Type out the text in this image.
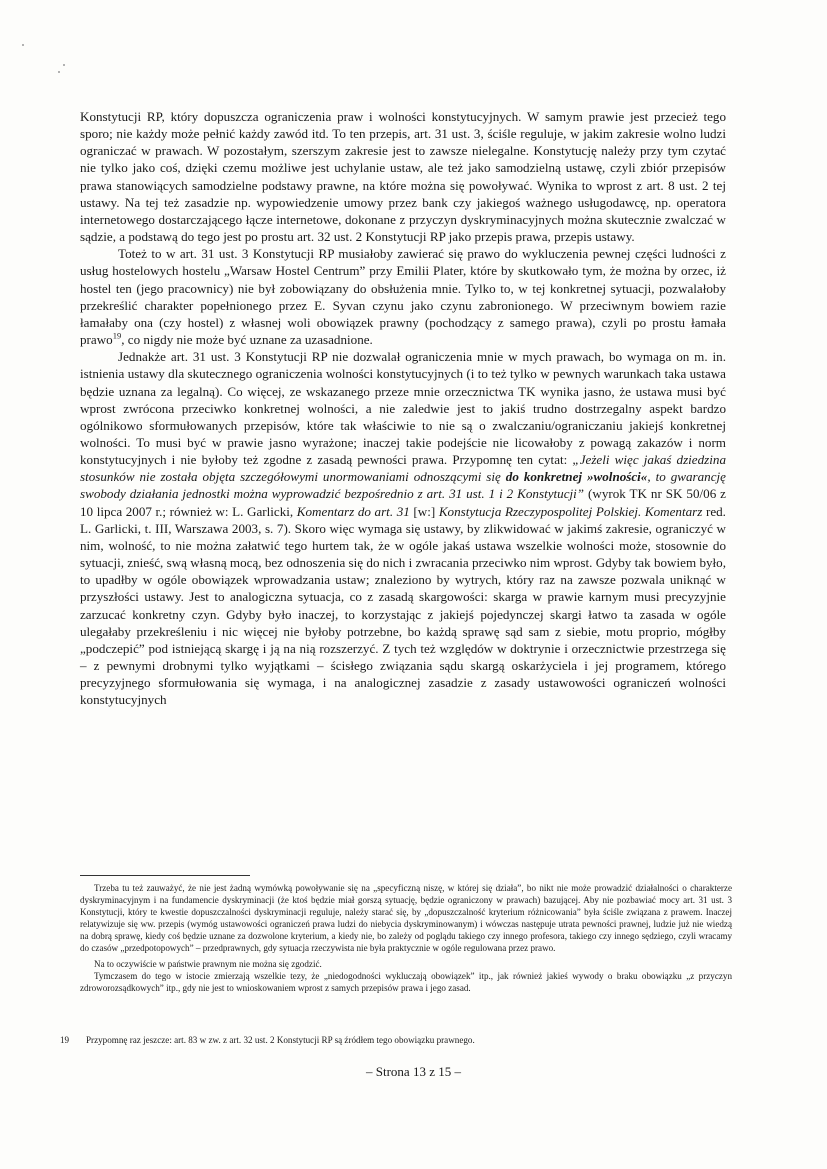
Konstytucji RP, który dopuszcza ograniczenia praw i wolności konstytucyjnych. W samym prawie jest przecież tego sporo; nie każdy może pełnić każdy zawód itd. To ten przepis, art. 31 ust. 3, ściśle reguluje, w jakim zakresie wolno ludzi ograniczać w prawach. W pozostałym, szerszym zakresie jest to zawsze nielegalne. Konstytucję należy przy tym czytać nie tylko jako coś, dzięki czemu możliwe jest uchylanie ustaw, ale też jako samodzielną ustawę, czyli zbiór przepisów prawa stanowiących samodzielne podstawy prawne, na które można się powoływać. Wynika to wprost z art. 8 ust. 2 tej ustawy. Na tej też zasadzie np. wypowiedzenie umowy przez bank czy jakiegoś ważnego usługodawcę, np. operatora internetowego dostarczającego łącze internetowe, dokonane z przyczyn dyskryminacyjnych można skutecznie zwalczać w sądzie, a podstawą do tego jest po prostu art. 32 ust. 2 Konstytucji RP jako przepis prawa, przepis ustawy.

Toteż to w art. 31 ust. 3 Konstytucji RP musiałoby zawierać się prawo do wykluczenia pewnej części ludności z usług hostelowych hostelu „Warsaw Hostel Centrum” przy Emilii Plater, które by skutkowało tym, że można by orzec, iż hostel ten (jego pracownicy) nie był zobowiązany do obsłużenia mnie. Tylko to, w tej konkretnej sytuacji, pozwalałoby przekreślić charakter popełnionego przez E. Syvan czynu jako czynu zabronionego. W przeciwnym bowiem razie łamałaby ona (czy hostel) z własnej woli obowiązek prawny (pochodzący z samego prawa), czyli po prostu łamała prawo$^{19}$, co nigdy nie może być uznane za uzasadnione.

Jednakże art. 31 ust. 3 Konstytucji RP nie dozwalał ograniczenia mnie w mych prawach, bo wymaga on m. in. istnienia ustawy dla skutecznego ograniczenia wolności konstytucyjnych (i to też tylko w pewnych warunkach taka ustawa będzie uznana za legalną). Co więcej, ze wskazanego przeze mnie orzecznictwa TK wynika jasno, że ustawa musi być wprost zwrócona przeciwko konkretnej wolności, a nie zaledwie jest to jakiś trudno dostrzegalny aspekt bardzo ogólnikowo sformułowanych przepisów, które tak właściwie to nie są o zwalczaniu/ograniczaniu jakiejś konkretnej wolności. To musi być w prawie jasno wyrażone; inaczej takie podejście nie licowałoby z powagą zakazów i norm konstytucyjnych i nie byłoby też zgodne z zasadą pewności prawa. Przypomnę ten cytat: „Jeżeli więc jakaś dziedzina stosunków nie została objęta szczegółowymi unormowaniami odnoszącymi się do konkretnej »wolności«, to gwarancję swobody działania jednostki można wyprowadzić bezpośrednio z art. 31 ust. 1 i 2 Konstytucji” (wyrok TK nr SK 50/06 z 10 lipca 2007 r.; również w: L. Garlicki, Komentarz do art. 31 [w:] Konstytucja Rzeczypospolitej Polskiej. Komentarz red. L. Garlicki, t. III, Warszawa 2003, s. 7). Skoro więc wymaga się ustawy, by zlikwidować w jakimś zakresie, ograniczyć w nim, wolność, to nie można załatwić tego hurtem tak, że w ogóle jakaś ustawa wszelkie wolności może, stosownie do sytuacji, znieść, swą własną mocą, bez odnoszenia się do nich i zwracania przeciwko nim wprost. Gdyby tak bowiem było, to upadłby w ogóle obowiązek wprowadzania ustaw; znaleziono by wytrych, który raz na zawsze pozwala uniknąć w przyszłości ustawy. Jest to analogiczna sytuacja, co z zasadą skargowości: skarga w prawie karnym musi precyzyjnie zarzucać konkretny czyn. Gdyby było inaczej, to korzystając z jakiejś pojedynczej skargi łatwo ta zasada w ogóle ulegałaby przekreśleniu i nic więcej nie byłoby potrzebne, bo każdą sprawę sąd sam z siebie, motu proprio, mógłby „podczepić” pod istniejącą skargę i ją na nią rozszerzyć. Z tych też względów w doktrynie i orzecznictwie przestrzega się – z pewnymi drobnymi tylko wyjątkami – ścisłego związania sądu skargą oskarżyciela i jej programem, którego precyzyjnego sformułowania się wymaga, i na analogicznej zasadzie z zasady ustawowości ograniczeń wolności konstytucyjnych

Trzeba tu też zauważyć, że nie jest żadną wymówką powoływanie się na „specyficzną niszę, w której się działa”, bo nikt nie może prowadzić działalności o charakterze dyskryminacyjnym i na fundamencie dyskryminacji (że ktoś będzie miał gorszą sytuację, będzie ograniczony w prawach) bazującej. Aby nie pozbawiać mocy art. 31 ust. 3 Konstytucji, który te kwestie dopuszczalności dyskryminacji reguluje, należy starać się, by „dopuszczalność kryterium różnicowania” była ściśle związana z prawem. Inaczej relatywizuje się ww. przepis (wymóg ustawowości ograniczeń prawa ludzi do niebycia dyskryminowanym) i wówczas następuje utrata pewności prawnej, ludzie już nie wiedzą na dobrą sprawę, kiedy coś będzie uznane za dozwolone kryterium, a kiedy nie, bo zależy od poglądu takiego czy innego profesora, takiego czy innego sędziego, czyli wracamy do czasów „przedpotopowych” – przedprawnych, gdy sytuacja rzeczywista nie była praktycznie w ogóle regulowana przez prawo.

Na to oczywiście w państwie prawnym nie można się zgodzić.

Tymczasem do tego w istocie zmierzają wszelkie tezy, że „niedogodności wykluczają obowiązek” itp., jak również jakieś wywody o braku obowiązku „z przyczyn zdroworozsądkowych” itp., gdy nie jest to wnioskowaniem wprost z samych przepisów prawa i jego zasad.

19 Przypomnę raz jeszcze: art. 83 w zw. z art. 32 ust. 2 Konstytucji RP są źródłem tego obowiązku prawnego.
– Strona 13 z 15 –
